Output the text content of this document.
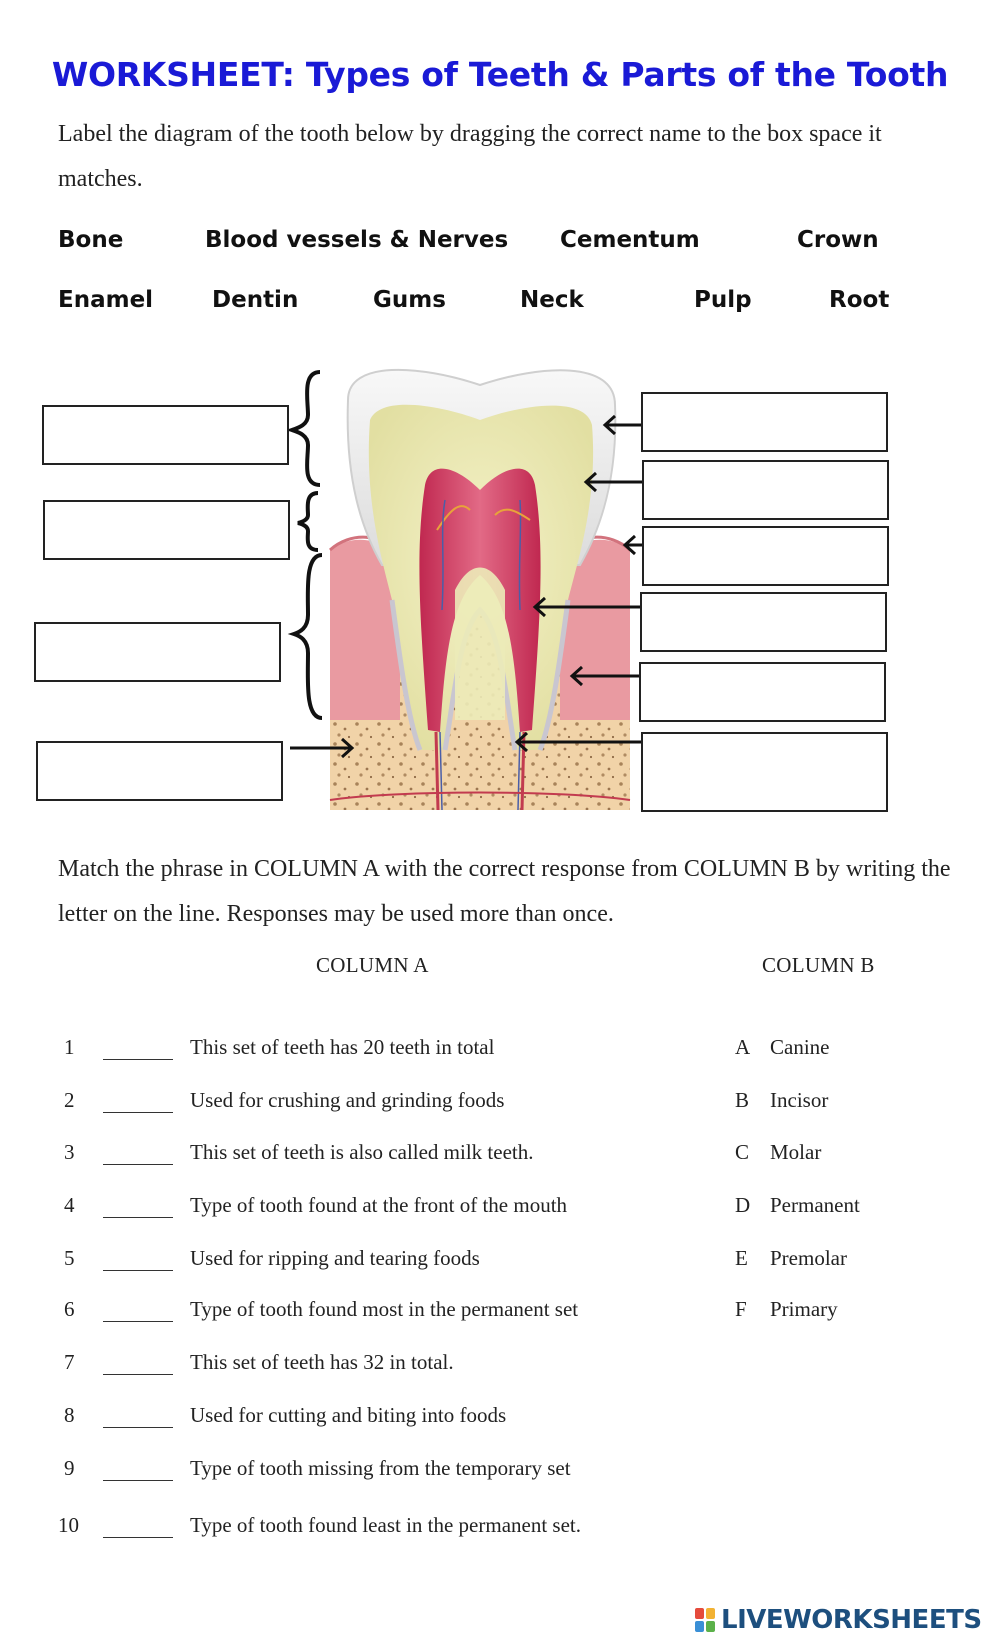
WORKSHEET: Types of Teeth & Parts of the Tooth
Label the diagram of the tooth below by dragging the correct name to the box space it matches.
Bone	Blood vessels & Nerves Cementum	Crown
Enamel	Dentin	Gums	Neck	Pulp	Root
Match the phrase in COLUMN A with the correct response from COLUMN B by writing the letter on the line. Responses may be used more than once.
COLUMN A	COLUMN B
1	This set of teeth has 20 teeth in total
2	Used for crushing and grinding foods
3	This set of teeth is also called milk teeth.
4	Type of tooth found at the front of the mouth
5	Used for ripping and tearing foods
6	Type of tooth found most in the permanent set
7	This set of teeth has 32 in total.
8	Used for cutting and biting into foods
9	Type of tooth missing from the temporary set
10	Type of tooth found least in the permanent set.
A Canine
B Incisor
C Molar
D Permanent
E Premolar
F Primary
LIVEWORKSHEETS
